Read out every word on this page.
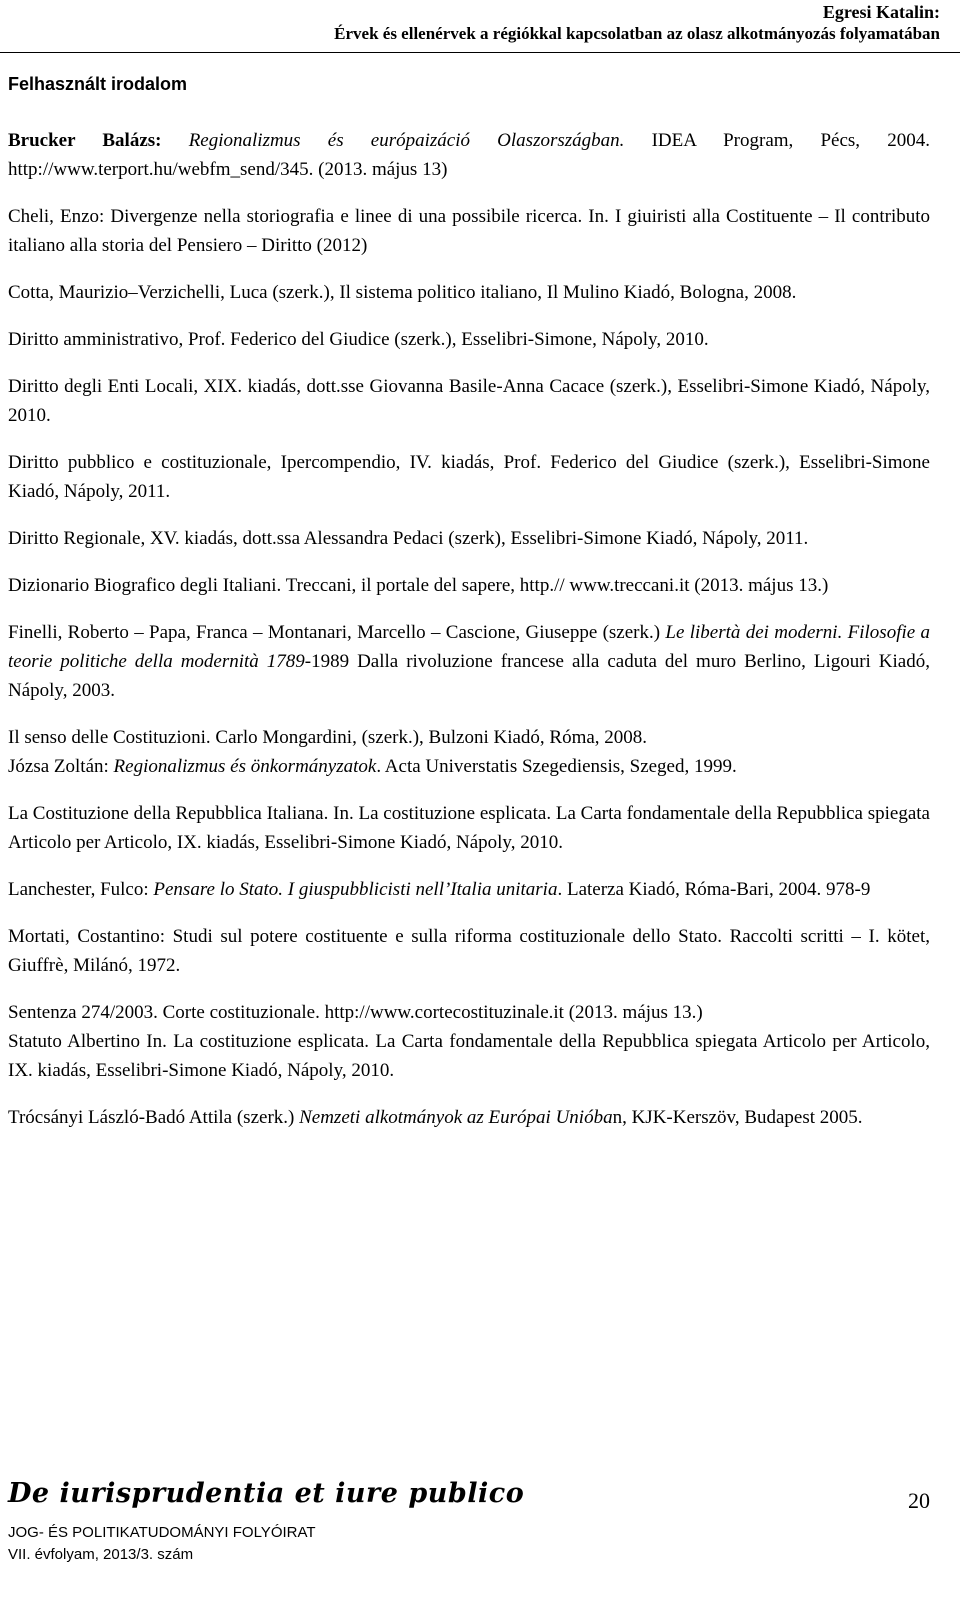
Egresi Katalin:
Érvek és ellenérvek a régiókkal kapcsolatban az olasz alkotmányozás folyamatában
Felhasznált irodalom

Brucker Balázs: Regionalizmus és európaizáció Olaszországban. IDEA Program, Pécs, 2004. http://www.terport.hu/webfm_send/345. (2013. május 13)

Cheli, Enzo: Divergenze nella storiografia e linee di una possibile ricerca. In. I giuiristi alla Costituente – Il contributo italiano alla storia del Pensiero – Diritto (2012)

Cotta, Maurizio–Verzichelli, Luca (szerk.), Il sistema politico italiano, Il Mulino Kiadó, Bologna, 2008.

Diritto amministrativo, Prof. Federico del Giudice (szerk.), Esselibri-Simone, Nápoly, 2010.

Diritto degli Enti Locali, XIX. kiadás, dott.sse Giovanna Basile-Anna Cacace (szerk.), Esselibri-Simone Kiadó, Nápoly, 2010.

Diritto pubblico e costituzionale, Ipercompendio, IV. kiadás, Prof. Federico del Giudice (szerk.), Esselibri-Simone Kiadó, Nápoly, 2011.

Diritto Regionale, XV. kiadás, dott.ssa Alessandra Pedaci (szerk), Esselibri-Simone Kiadó, Nápoly, 2011.

Dizionario Biografico degli Italiani. Treccani, il portale del sapere, http.// www.treccani.it (2013. május 13.)

Finelli, Roberto – Papa, Franca – Montanari, Marcello – Cascione, Giuseppe (szerk.) Le libertà dei moderni. Filosofie a teorie politiche della modernità 1789-1989 Dalla rivoluzione francese alla caduta del muro Berlino, Ligouri Kiadó, Nápoly, 2003.

Il senso delle Costituzioni. Carlo Mongardini, (szerk.), Bulzoni Kiadó, Róma, 2008.

Józsa Zoltán: Regionalizmus és önkormányzatok. Acta Universtatis Szegediensis, Szeged, 1999.

La Costituzione della Repubblica Italiana. In. La costituzione esplicata. La Carta fondamentale della Repubblica spiegata Articolo per Articolo, IX. kiadás, Esselibri-Simone Kiadó, Nápoly, 2010.

Lanchester, Fulco: Pensare lo Stato. I giuspubblicisti nell’Italia unitaria. Laterza Kiadó, Róma-Bari, 2004. 978-9

Mortati, Costantino: Studi sul potere costituente e sulla riforma costituzionale dello Stato. Raccolti scritti – I. kötet, Giuffrè, Milánó, 1972.

Sentenza 274/2003. Corte costituzionale. http://www.cortecostituzinale.it (2013. május 13.)

Statuto Albertino In. La costituzione esplicata. La Carta fondamentale della Repubblica spiegata Articolo per Articolo, IX. kiadás, Esselibri-Simone Kiadó, Nápoly, 2010.

Trócsányi László-Badó Attila (szerk.) Nemzeti alkotmányok az Európai Unióban, KJK-Kerszöv, Budapest 2005.

De iurisprudentia et iure publico
JOG- ÉS POLITIKATUDOMÁNYI FOLYÓIRAT
VII. évfolyam, 2013/3. szám
20
